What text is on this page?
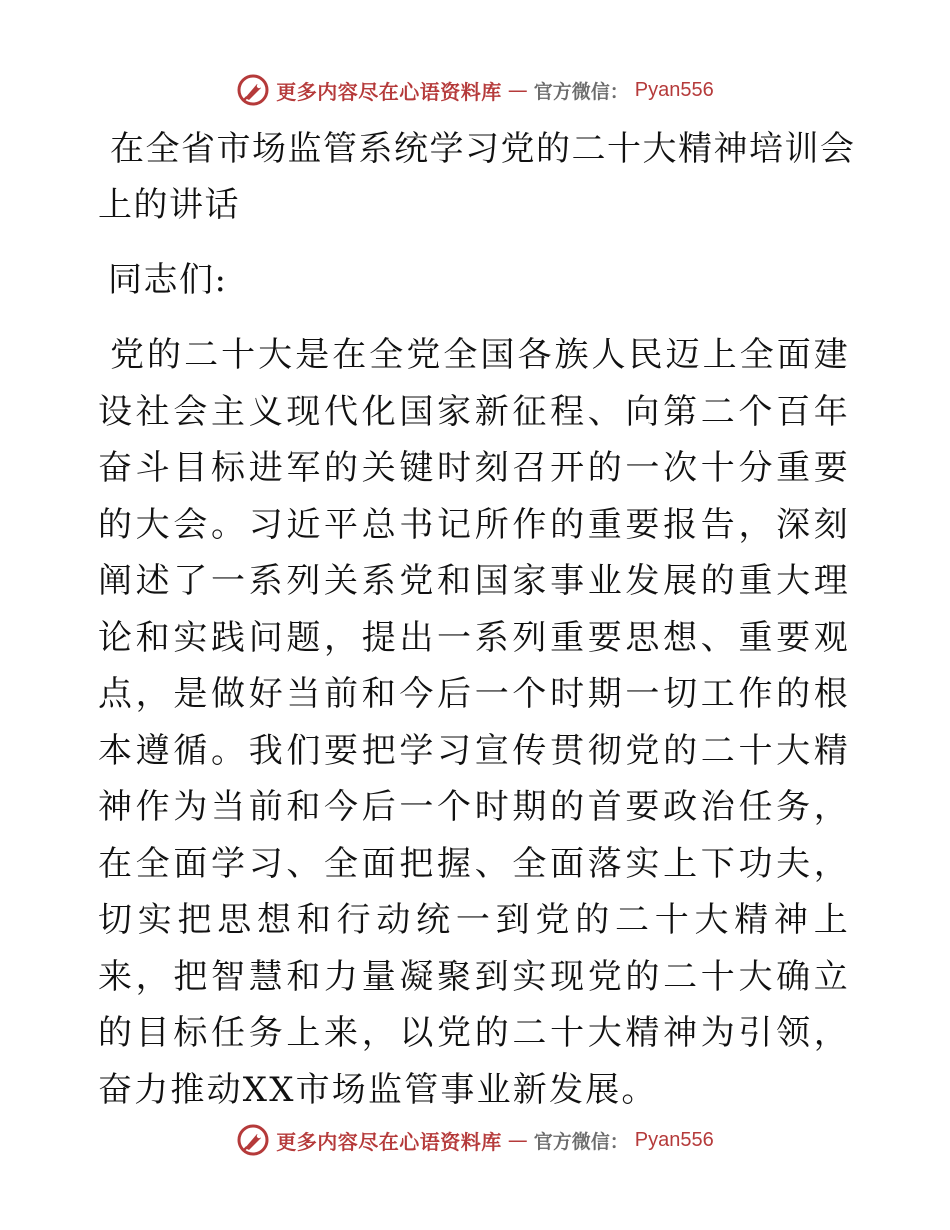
更多内容尽在心语资料库 — 官方微信： Pyan556
在全省市场监管系统学习党的二十大精神培训会上的讲话

同志们:

党的二十大是在全党全国各族人民迈上全面建设社会主义现代化国家新征程、向第二个百年奋斗目标进军的关键时刻召开的一次十分重要的大会。习近平总书记所作的重要报告，深刻阐述了一系列关系党和国家事业发展的重大理论和实践问题，提出一系列重要思想、重要观点，是做好当前和今后一个时期一切工作的根本遵循。我们要把学习宣传贯彻党的二十大精神作为当前和今后一个时期的首要政治任务，在全面学习、全面把握、全面落实上下功夫，切实把思想和行动统一到党的二十大精神上来，把智慧和力量凝聚到实现党的二十大确立的目标任务上来，以党的二十大精神为引领，奋力推动XX市场监管事业新发展。

更多内容尽在心语资料库 — 官方微信： Pyan556
